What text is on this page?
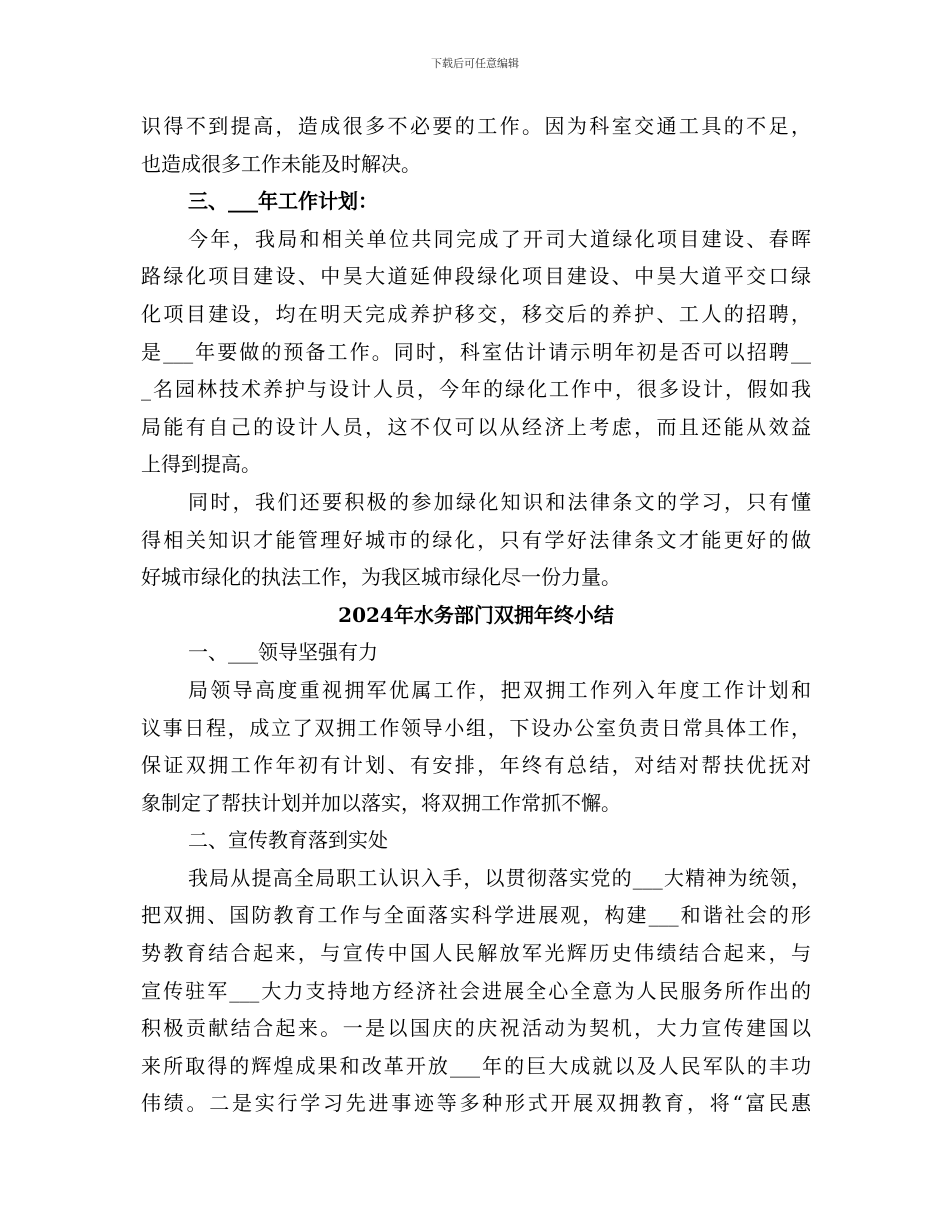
下载后可任意编辑
识得不到提高，造成很多不必要的工作。因为科室交通工具的不足，
也造成很多工作未能及时解决。
三、___年工作计划：
今年，我局和相关单位共同完成了开司大道绿化项目建设、春晖
路绿化项目建设、中昊大道延伸段绿化项目建设、中昊大道平交口绿
化项目建设，均在明天完成养护移交，移交后的养护、工人的招聘，
是___年要做的预备工作。同时，科室估计请示明年初是否可以招聘__
_名园林技术养护与设计人员，今年的绿化工作中，很多设计，假如我
局能有自己的设计人员，这不仅可以从经济上考虑，而且还能从效益
上得到提高。
同时，我们还要积极的参加绿化知识和法律条文的学习，只有懂
得相关知识才能管理好城市的绿化，只有学好法律条文才能更好的做
好城市绿化的执法工作，为我区城市绿化尽一份力量。
2024年水务部门双拥年终小结
一、___领导坚强有力
局领导高度重视拥军优属工作，把双拥工作列入年度工作计划和
议事日程，成立了双拥工作领导小组，下设办公室负责日常具体工作，
保证双拥工作年初有计划、有安排，年终有总结，对结对帮扶优抚对
象制定了帮扶计划并加以落实，将双拥工作常抓不懈。
二、宣传教育落到实处
我局从提高全局职工认识入手，以贯彻落实党的___大精神为统领，
把双拥、国防教育工作与全面落实科学进展观，构建___和谐社会的形
势教育结合起来，与宣传中国人民解放军光辉历史伟绩结合起来，与
宣传驻军___大力支持地方经济社会进展全心全意为人民服务所作出的
积极贡献结合起来。一是以国庆的庆祝活动为契机，大力宣传建国以
来所取得的辉煌成果和改革开放___年的巨大成就以及人民军队的丰功
伟绩。二是实行学习先进事迹等多种形式开展双拥教育，将“富民惠
